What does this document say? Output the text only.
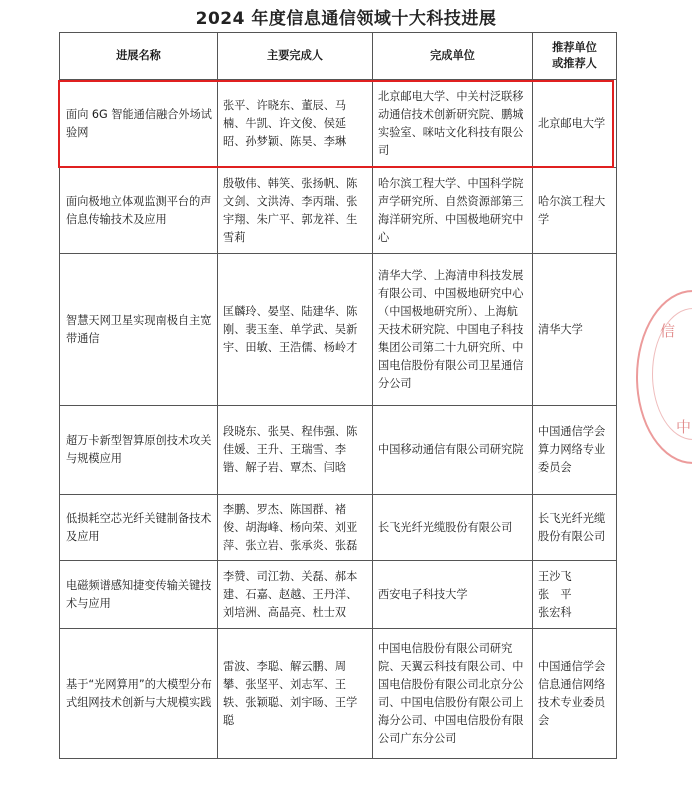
2024 年度信息通信领域十大科技进展
进展名称	主要完成人	完成单位	推荐单位
或推荐人
面向 6G 智能通信融合外场试验网	张平、许晓东、董辰、马楠、牛凯、许文俊、侯延昭、孙梦颖、陈昊、李琳	北京邮电大学、中关村泛联移动通信技术创新研究院、鹏城实验室、咪咕文化科技有限公司	北京邮电大学
面向极地立体观监测平台的声信息传输技术及应用	殷敬伟、韩笑、张扬帆、陈文剑、文洪涛、李丙瑞、张宇翔、朱广平、郭龙祥、生雪莉	哈尔滨工程大学、中国科学院声学研究所、自然资源部第三海洋研究所、中国极地研究中心	哈尔滨工程大学
智慧天网卫星实现南极自主宽带通信	匡麟玲、晏坚、陆建华、陈刚、裴玉奎、单学武、吴新宇、田敏、王浩儒、杨岭才	清华大学、上海清申科技发展有限公司、中国极地研究中心（中国极地研究所）、上海航天技术研究院、中国电子科技集团公司第二十九研究所、中国电信股份有限公司卫星通信分公司	清华大学
超万卡新型智算原创技术攻关与规模应用	段晓东、张昊、程伟强、陈佳媛、王升、王瑞雪、李锴、解子岩、覃杰、闫晗	中国移动通信有限公司研究院	中国通信学会算力网络专业委员会
低损耗空芯光纤关键制备技术及应用	李鹏、罗杰、陈国群、褚俊、胡海峰、杨向荣、刘亚萍、张立岩、张承炎、张磊	长飞光纤光缆股份有限公司	长飞光纤光缆股份有限公司
电磁频谱感知捷变传输关键技术与应用	李赞、司江勃、关磊、郝本建、石嘉、赵越、王丹洋、刘培洲、高晶亮、杜士双	西安电子科技大学	王沙飞
张　平
张宏科
基于“光网算用”的大模型分布式组网技术创新与大规模实践	雷波、李聪、解云鹏、周攀、张坚平、刘志军、王轶、张颖聪、刘宇旸、王学聪	中国电信股份有限公司研究院、天翼云科技有限公司、中国电信股份有限公司北京分公司、中国电信股份有限公司上海分公司、中国电信股份有限公司广东分公司	中国通信学会信息通信网络技术专业委员会
信
中
